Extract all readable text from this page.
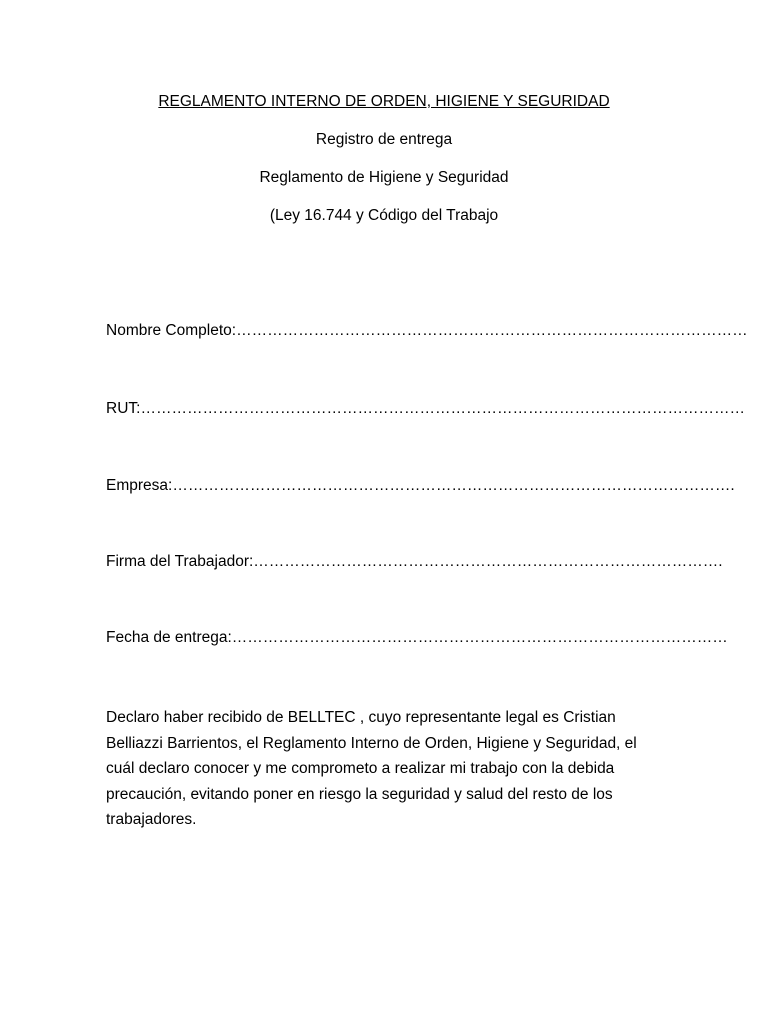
REGLAMENTO INTERNO DE ORDEN, HIGIENE Y SEGURIDAD
Registro de entrega
Reglamento de Higiene y Seguridad
(Ley 16.744 y Código del Trabajo
Nombre Completo:………………………………………………………………………………………
RUT:………………………………………………………………………………………………………
Empresa:……………………………………………………………………………………………….
Firma del Trabajador:……………………………………………………………………………….
Fecha de entrega:……………………………………………………………………………………
Declaro haber recibido de BELLTEC , cuyo representante legal es Cristian
Belliazzi Barrientos, el Reglamento Interno de Orden, Higiene y Seguridad, el
cuál declaro conocer y me comprometo a realizar mi trabajo con la debida
precaución, evitando poner en riesgo la seguridad y salud del resto de los
trabajadores.
